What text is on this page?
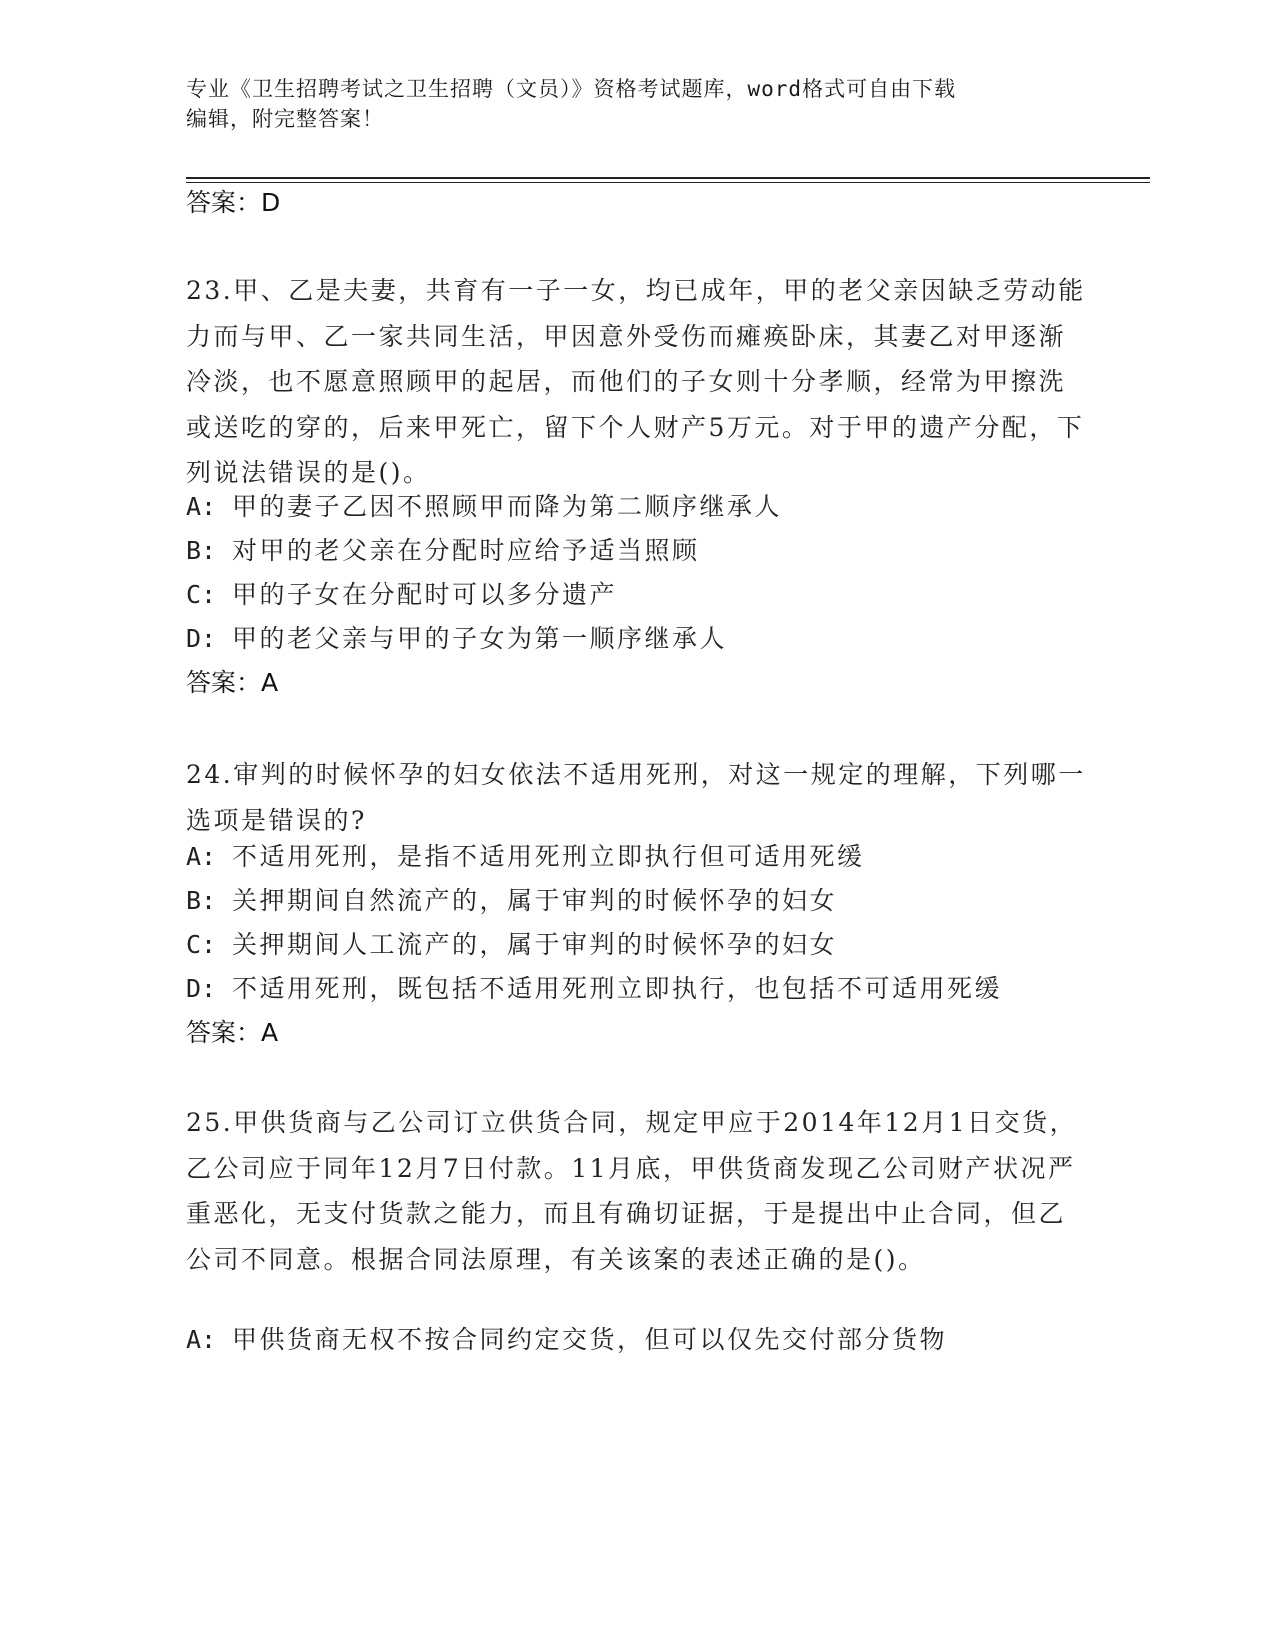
专业《卫生招聘考试之卫生招聘（文员）》资格考试题库，word格式可自由下载
编辑，附完整答案！
答案：D
23.甲、乙是夫妻，共育有一子一女，均已成年，甲的老父亲因缺乏劳动能力而与甲、乙一家共同生活，甲因意外受伤而瘫痪卧床，其妻乙对甲逐渐冷淡，也不愿意照顾甲的起居，而他们的子女则十分孝顺，经常为甲擦洗或送吃的穿的，后来甲死亡，留下个人财产5万元。对于甲的遗产分配，下列说法错误的是()。
A: 甲的妻子乙因不照顾甲而降为第二顺序继承人
B: 对甲的老父亲在分配时应给予适当照顾
C: 甲的子女在分配时可以多分遗产
D: 甲的老父亲与甲的子女为第一顺序继承人
答案：A
24.审判的时候怀孕的妇女依法不适用死刑，对这一规定的理解，下列哪一选项是错误的?
A: 不适用死刑，是指不适用死刑立即执行但可适用死缓
B: 关押期间自然流产的，属于审判的时候怀孕的妇女
C: 关押期间人工流产的，属于审判的时候怀孕的妇女
D: 不适用死刑，既包括不适用死刑立即执行，也包括不可适用死缓
答案：A
25.甲供货商与乙公司订立供货合同，规定甲应于2014年12月1日交货，乙公司应于同年12月7日付款。11月底，甲供货商发现乙公司财产状况严重恶化，无支付货款之能力，而且有确切证据，于是提出中止合同，但乙公司不同意。根据合同法原理，有关该案的表述正确的是()。
A: 甲供货商无权不按合同约定交货，但可以仅先交付部分货物
